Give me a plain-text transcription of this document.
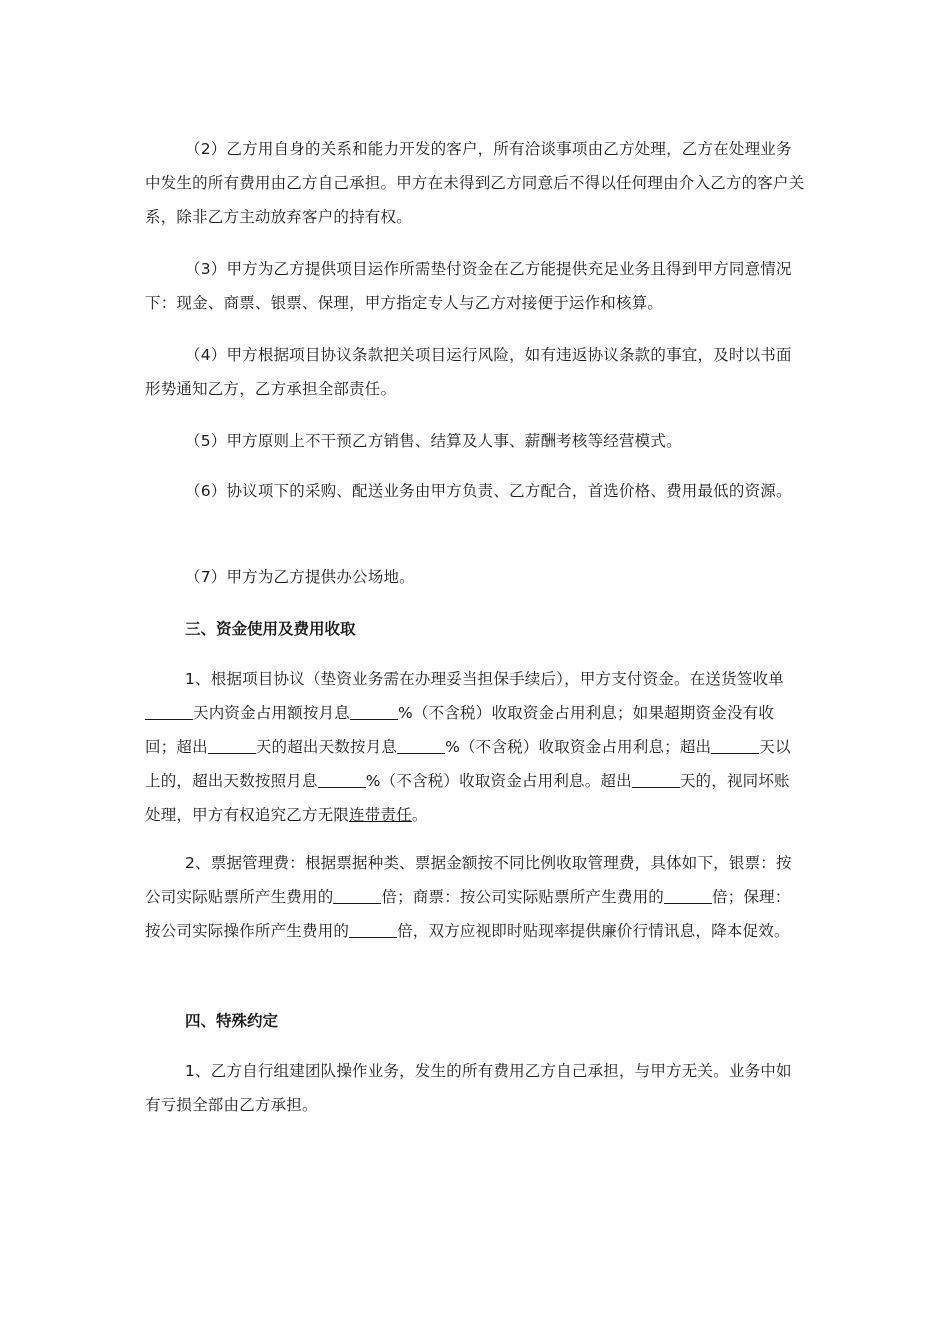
（2）乙方用自身的关系和能力开发的客户，所有洽谈事项由乙方处理，乙方在处理业务中发生的所有费用由乙方自己承担。甲方在未得到乙方同意后不得以任何理由介入乙方的客户关系，除非乙方主动放弃客户的持有权。

（3）甲方为乙方提供项目运作所需垫付资金在乙方能提供充足业务且得到甲方同意情况下：现金、商票、银票、保理，甲方指定专人与乙方对接便于运作和核算。

（4）甲方根据项目协议条款把关项目运行风险，如有违返协议条款的事宜，及时以书面形势通知乙方，乙方承担全部责任。

（5）甲方原则上不干预乙方销售、结算及人事、薪酬考核等经营模式。

（6）协议项下的采购、配送业务由甲方负责、乙方配合，首选价格、费用最低的资源。

（7）甲方为乙方提供办公场地。

三、资金使用及费用收取

1、根据项目协议（垫资业务需在办理妥当担保手续后），甲方支付资金。在送货签收单天内资金占用额按月息	%（不含税）收取资金占用利息；如果超期资金没有收回；超出	天的超出天数按月息	%（不含税）收取资金占用利息；超出	天以上的，超出天数按照月息	%（不含税）收取资金占用利息。超出	天的，视同坏账处理，甲方有权追究乙方无限连带责任。

2、票据管理费：根据票据种类、票据金额按不同比例收取管理费，具体如下，银票：按公司实际贴票所产生费用的	倍；商票：按公司实际贴票所产生费用的	倍；保理：按公司实际操作所产生费用的	倍，双方应视即时贴现率提供廉价行情讯息，降本促效。

四、特殊约定

1、乙方自行组建团队操作业务，发生的所有费用乙方自己承担，与甲方无关。业务中如有亏损全部由乙方承担。
